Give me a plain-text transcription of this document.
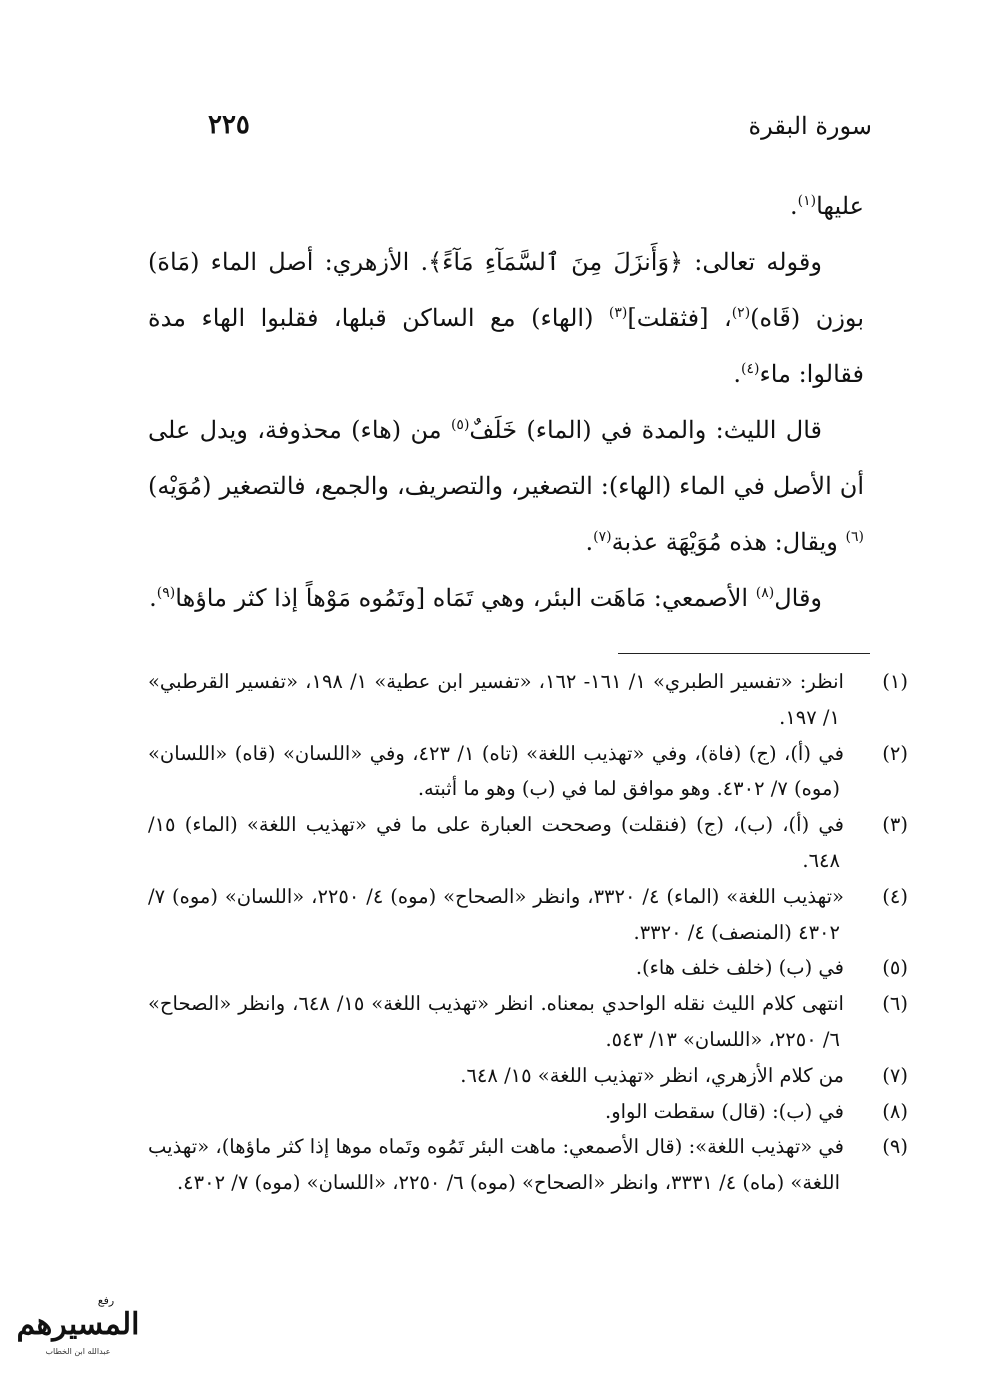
سورة البقرة
٢٢٥

عليها$^{(١)}$.

وقوله تعالى: ﴿وَأَنزَلَ مِنَ ٱلسَّمَآءِ مَآءً﴾. الأزهري: أصل الماء (مَاهَ) بوزن (قَاه)$^{(٢)}$، [فثقلت]$^{(٣)}$ (الهاء) مع الساكن قبلها، فقلبوا الهاء مدة فقالوا: ماء$^{(٤)}$.

قال الليث: والمدة في (الماء) خَلَفٌ$^{(٥)}$ من (هاء) محذوفة، ويدل على أن الأصل في الماء (الهاء): التصغير، والتصريف، والجمع، فالتصغير (مُوَيْه)$^{(٦)}$ ويقال: هذه مُوَيْهَة عذبة$^{(٧)}$.

وقال$^{(٨)}$ الأصمعي: مَاهَت البئر، وهي تَمَاه [وتَمُوه مَوْهاً إذا كثر ماؤها$^{(٩)}$.

(١)انظر: «تفسير الطبري» ١/ ١٦١- ١٦٢، «تفسير ابن عطية» ١/ ١٩٨، «تفسير القرطبي» ١/ ١٩٧.

(٢)في (أ)، (ج) (فاة)، وفي «تهذيب اللغة» (تاه) ١/ ٤٢٣، وفي «اللسان» (قاه) «اللسان» (موه) ٧/ ٤٣٠٢. وهو موافق لما في (ب) وهو ما أثبته.

(٣)في (أ)، (ب)، (ج) (فنقلت) وصححت العبارة على ما في «تهذيب اللغة» (الماء) ١٥/ ٦٤٨.

(٤)«تهذيب اللغة» (الماء) ٤/ ٣٣٢٠، وانظر «الصحاح» (موه) ٤/ ٢٢٥٠، «اللسان» (موه) ٧/ ٤٣٠٢ (المنصف) ٤/ ٣٣٢٠.

(٥)في (ب) (خلف خلف هاء).

(٦)انتهى كلام الليث نقله الواحدي بمعناه. انظر «تهذيب اللغة» ١٥/ ٦٤٨، وانظر «الصحاح» ٦/ ٢٢٥٠، «اللسان» ١٣/ ٥٤٣.

(٧)من كلام الأزهري، انظر «تهذيب اللغة» ١٥/ ٦٤٨.

(٨)في (ب): (قال) سقطت الواو.

(٩)في «تهذيب اللغة»: (قال الأصمعي: ماهت البئر تَمُوه وتَماه موها إذا كثر ماؤها)، «تهذيب اللغة» (ماه) ٤/ ٣٣٣١، وانظر «الصحاح» (موه) ٦/ ٢٢٥٠، «اللسان» (موه) ٧/ ٤٣٠٢.

المسيرهم
رفع
عبدالله ابن الخطاب
